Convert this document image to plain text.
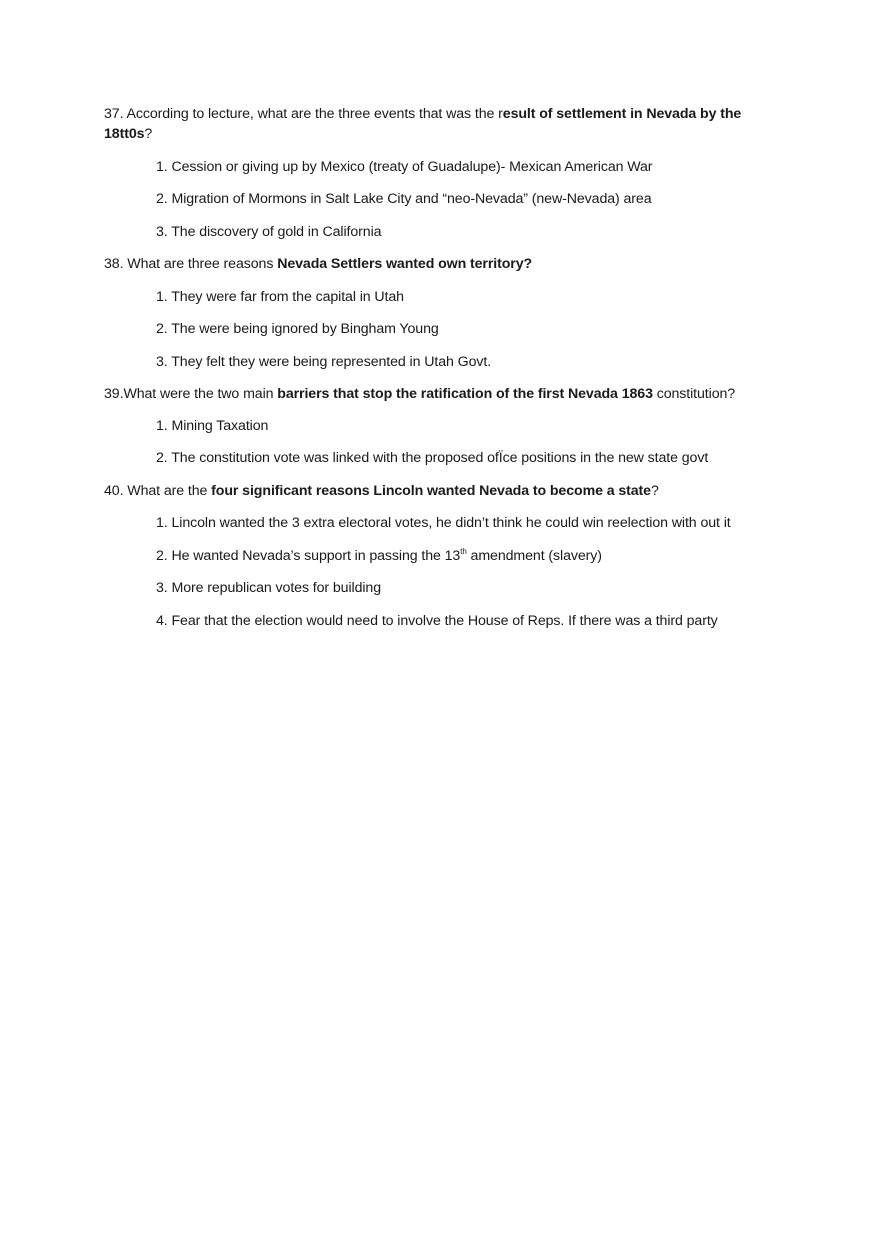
37. According to lecture, what are the three events that was the result of settlement in Nevada by the 18tt0s?
1. Cession or giving up by Mexico (treaty of Guadalupe)- Mexican American War
2. Migration of Mormons in Salt Lake City and “neo-Nevada” (new-Nevada) area
3. The discovery of gold in California
38. What are three reasons Nevada Settlers wanted own territory?
1. They were far from the capital in Utah
2. The were being ignored by Bingham Young
3. They felt they were being represented in Utah Govt.
39.What were the two main barriers that stop the ratification of the first Nevada 1863 constitution?
1. Mining Taxation
2. The constitution vote was linked with the proposed ofÏce positions in the new state govt
40. What are the four significant reasons Lincoln wanted Nevada to become a state?
1. Lincoln wanted the 3 extra electoral votes, he didn’t think he could win reelection with out it
2. He wanted Nevada’s support in passing the 13th amendment (slavery)
3. More republican votes for building
4. Fear that the election would need to involve the House of Reps. If there was a third party
